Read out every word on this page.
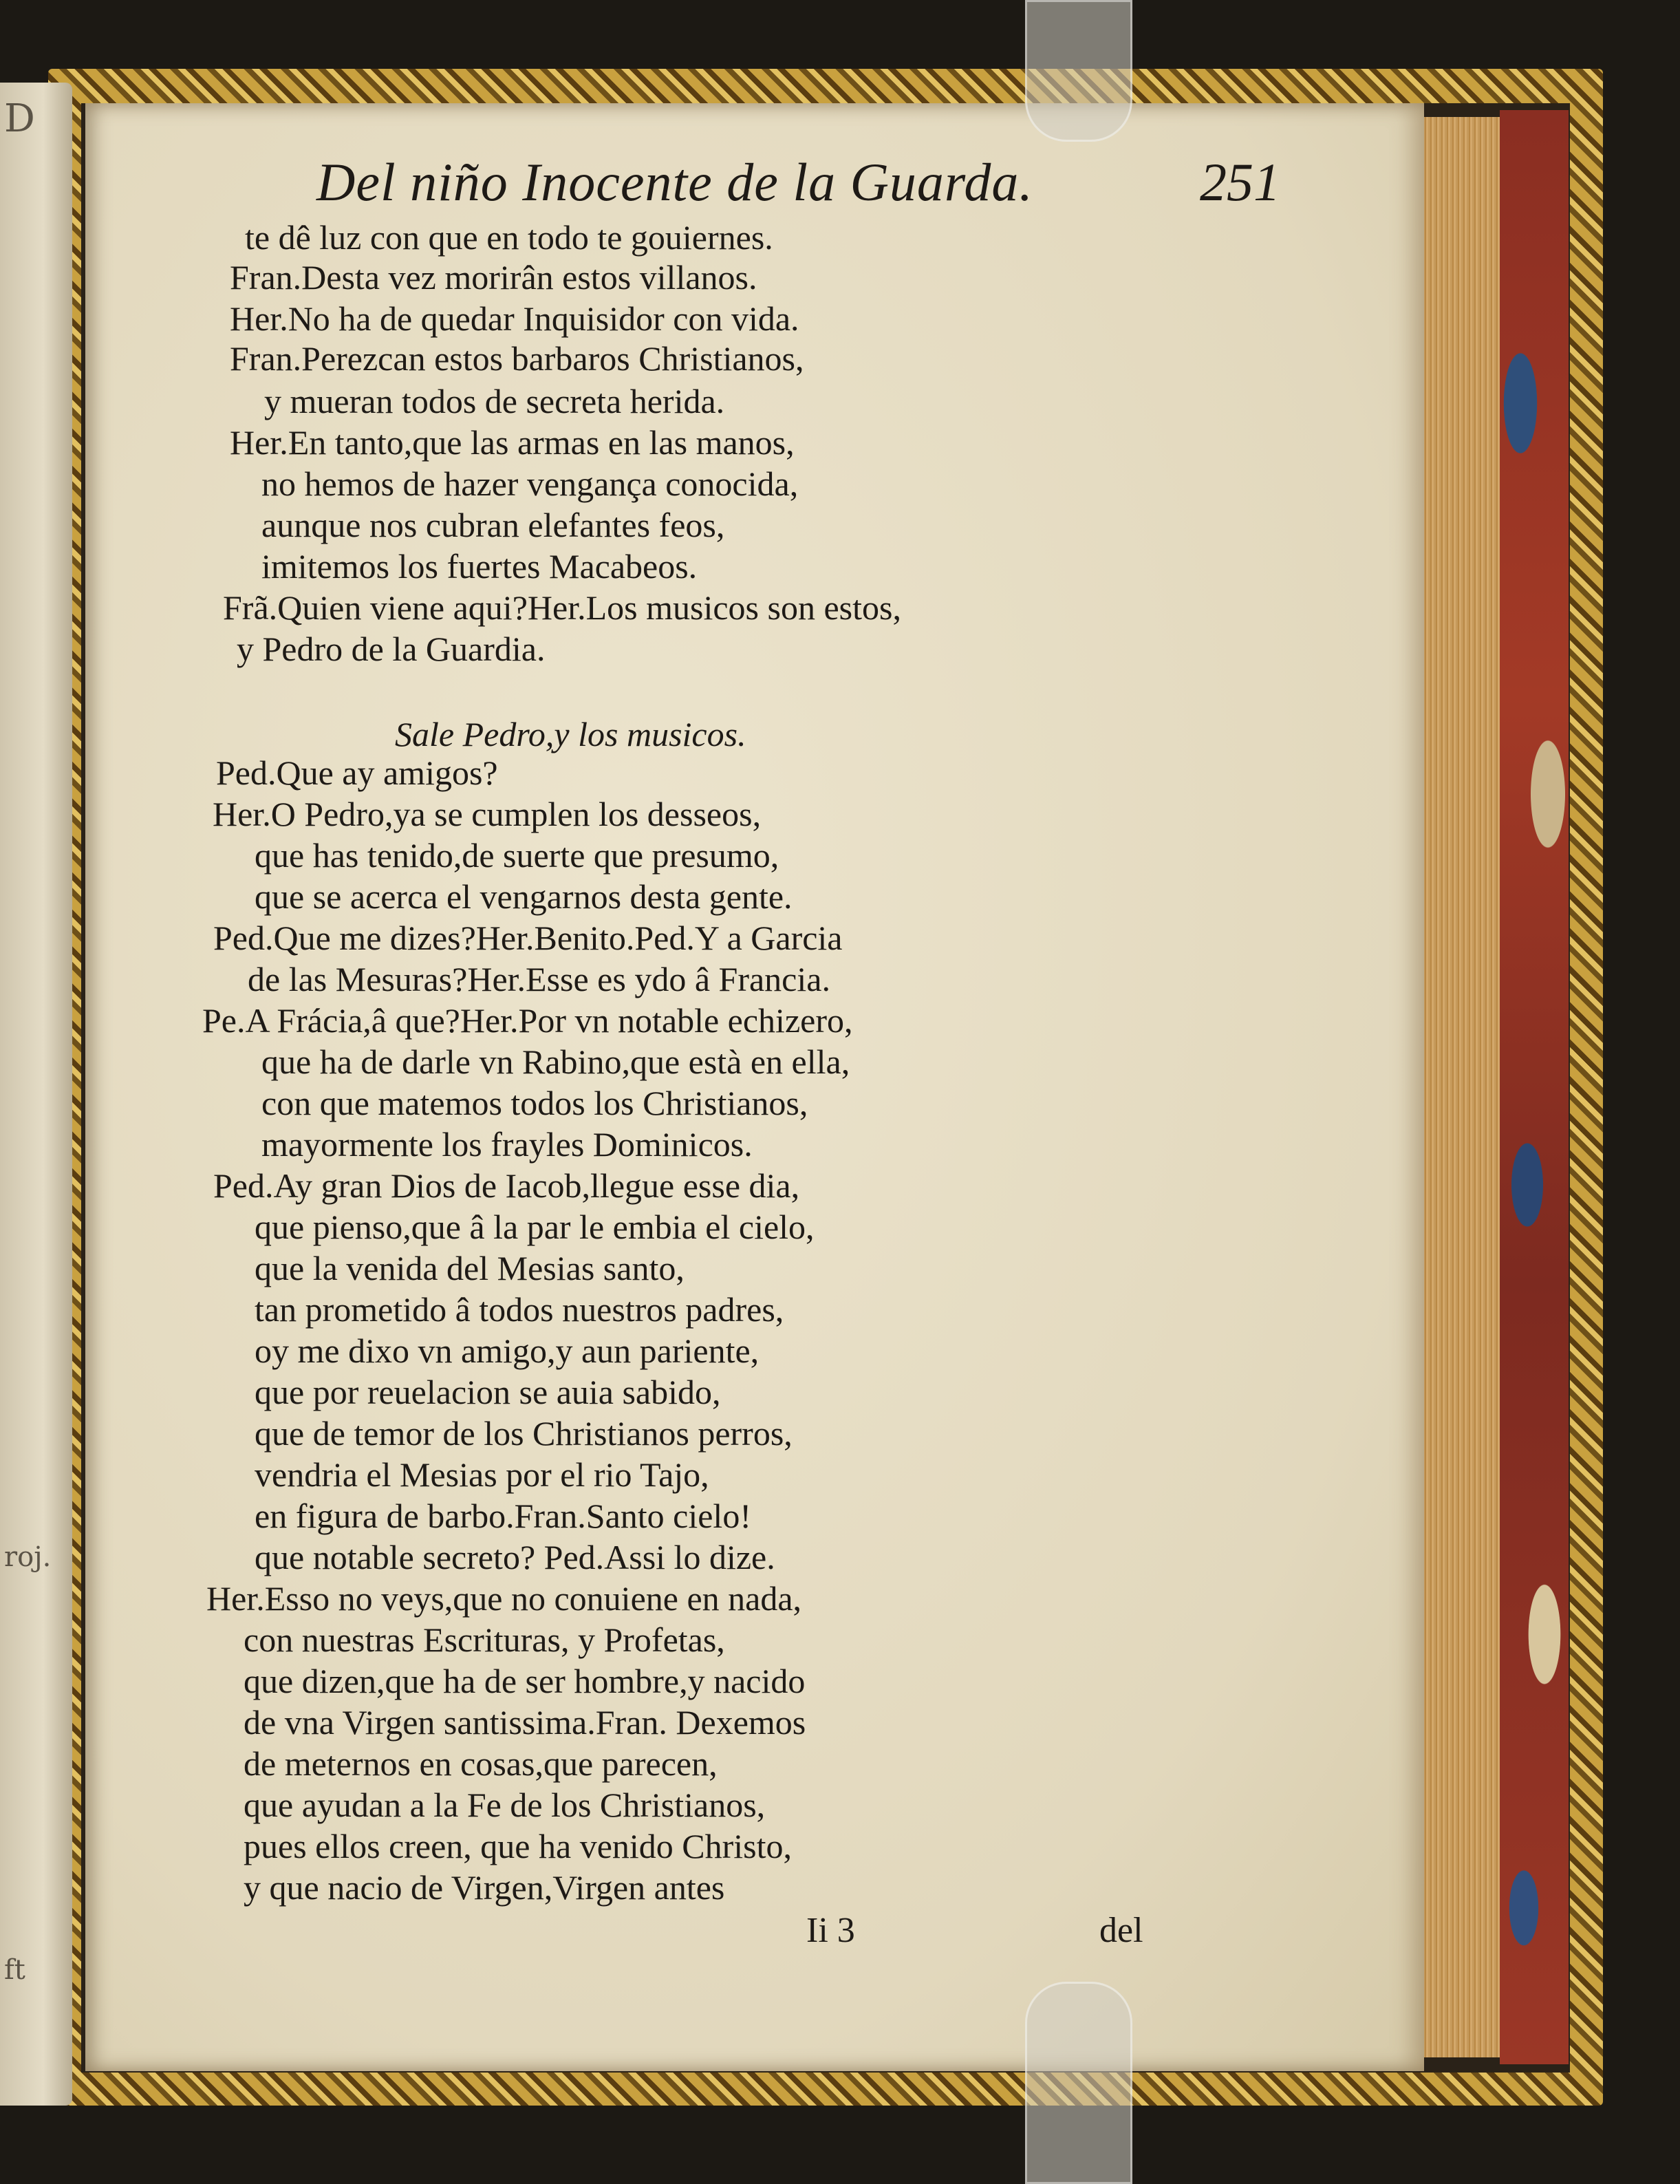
D
roj.
ft
Del niño Inocente de la Guarda.	251
te dê luz con que en todo te gouiernes.
Fran.Desta vez morirân estos villanos.
Her.No ha de quedar Inquisidor con vida.
Fran.Perezcan estos barbaros Christianos,
y mueran todos de secreta herida.
Her.En tanto,que las armas en las manos,
no hemos de hazer vengança conocida,
aunque nos cubran elefantes feos,
imitemos los fuertes Macabeos.
Frã.Quien viene aqui?Her.Los musicos son estos,
y Pedro de la Guardia.
Sale Pedro,y los musicos.
Ped.Que ay amigos?
Her.O Pedro,ya se cumplen los desseos,
que has tenido,de suerte que presumo,
que se acerca el vengarnos desta gente.
Ped.Que me dizes?Her.Benito.Ped.Y a Garcia
de las Mesuras?Her.Esse es ydo â Francia.
Pe.A Frácia,â que?Her.Por vn notable echizero,
que ha de darle vn Rabino,que està en ella,
con que matemos todos los Christianos,
mayormente los frayles Dominicos.
Ped.Ay gran Dios de Iacob,llegue esse dia,
que pienso,que â la par le embia el cielo,
que la venida del Mesias santo,
tan prometido â todos nuestros padres,
oy me dixo vn amigo,y aun pariente,
que por reuelacion se auia sabido,
que de temor de los Christianos perros,
vendria el Mesias por el rio Tajo,
en figura de barbo.Fran.Santo cielo!
que notable secreto? Ped.Assi lo dize.
Her.Esso no veys,que no conuiene en nada,
con nuestras Escrituras, y Profetas,
que dizen,que ha de ser hombre,y nacido
de vna Virgen santissima.Fran. Dexemos
de meternos en cosas,que parecen,
que ayudan a la Fe de los Christianos,
pues ellos creen, que ha venido Christo,
y que nacio de Virgen,Virgen antes
Ii 3	del
